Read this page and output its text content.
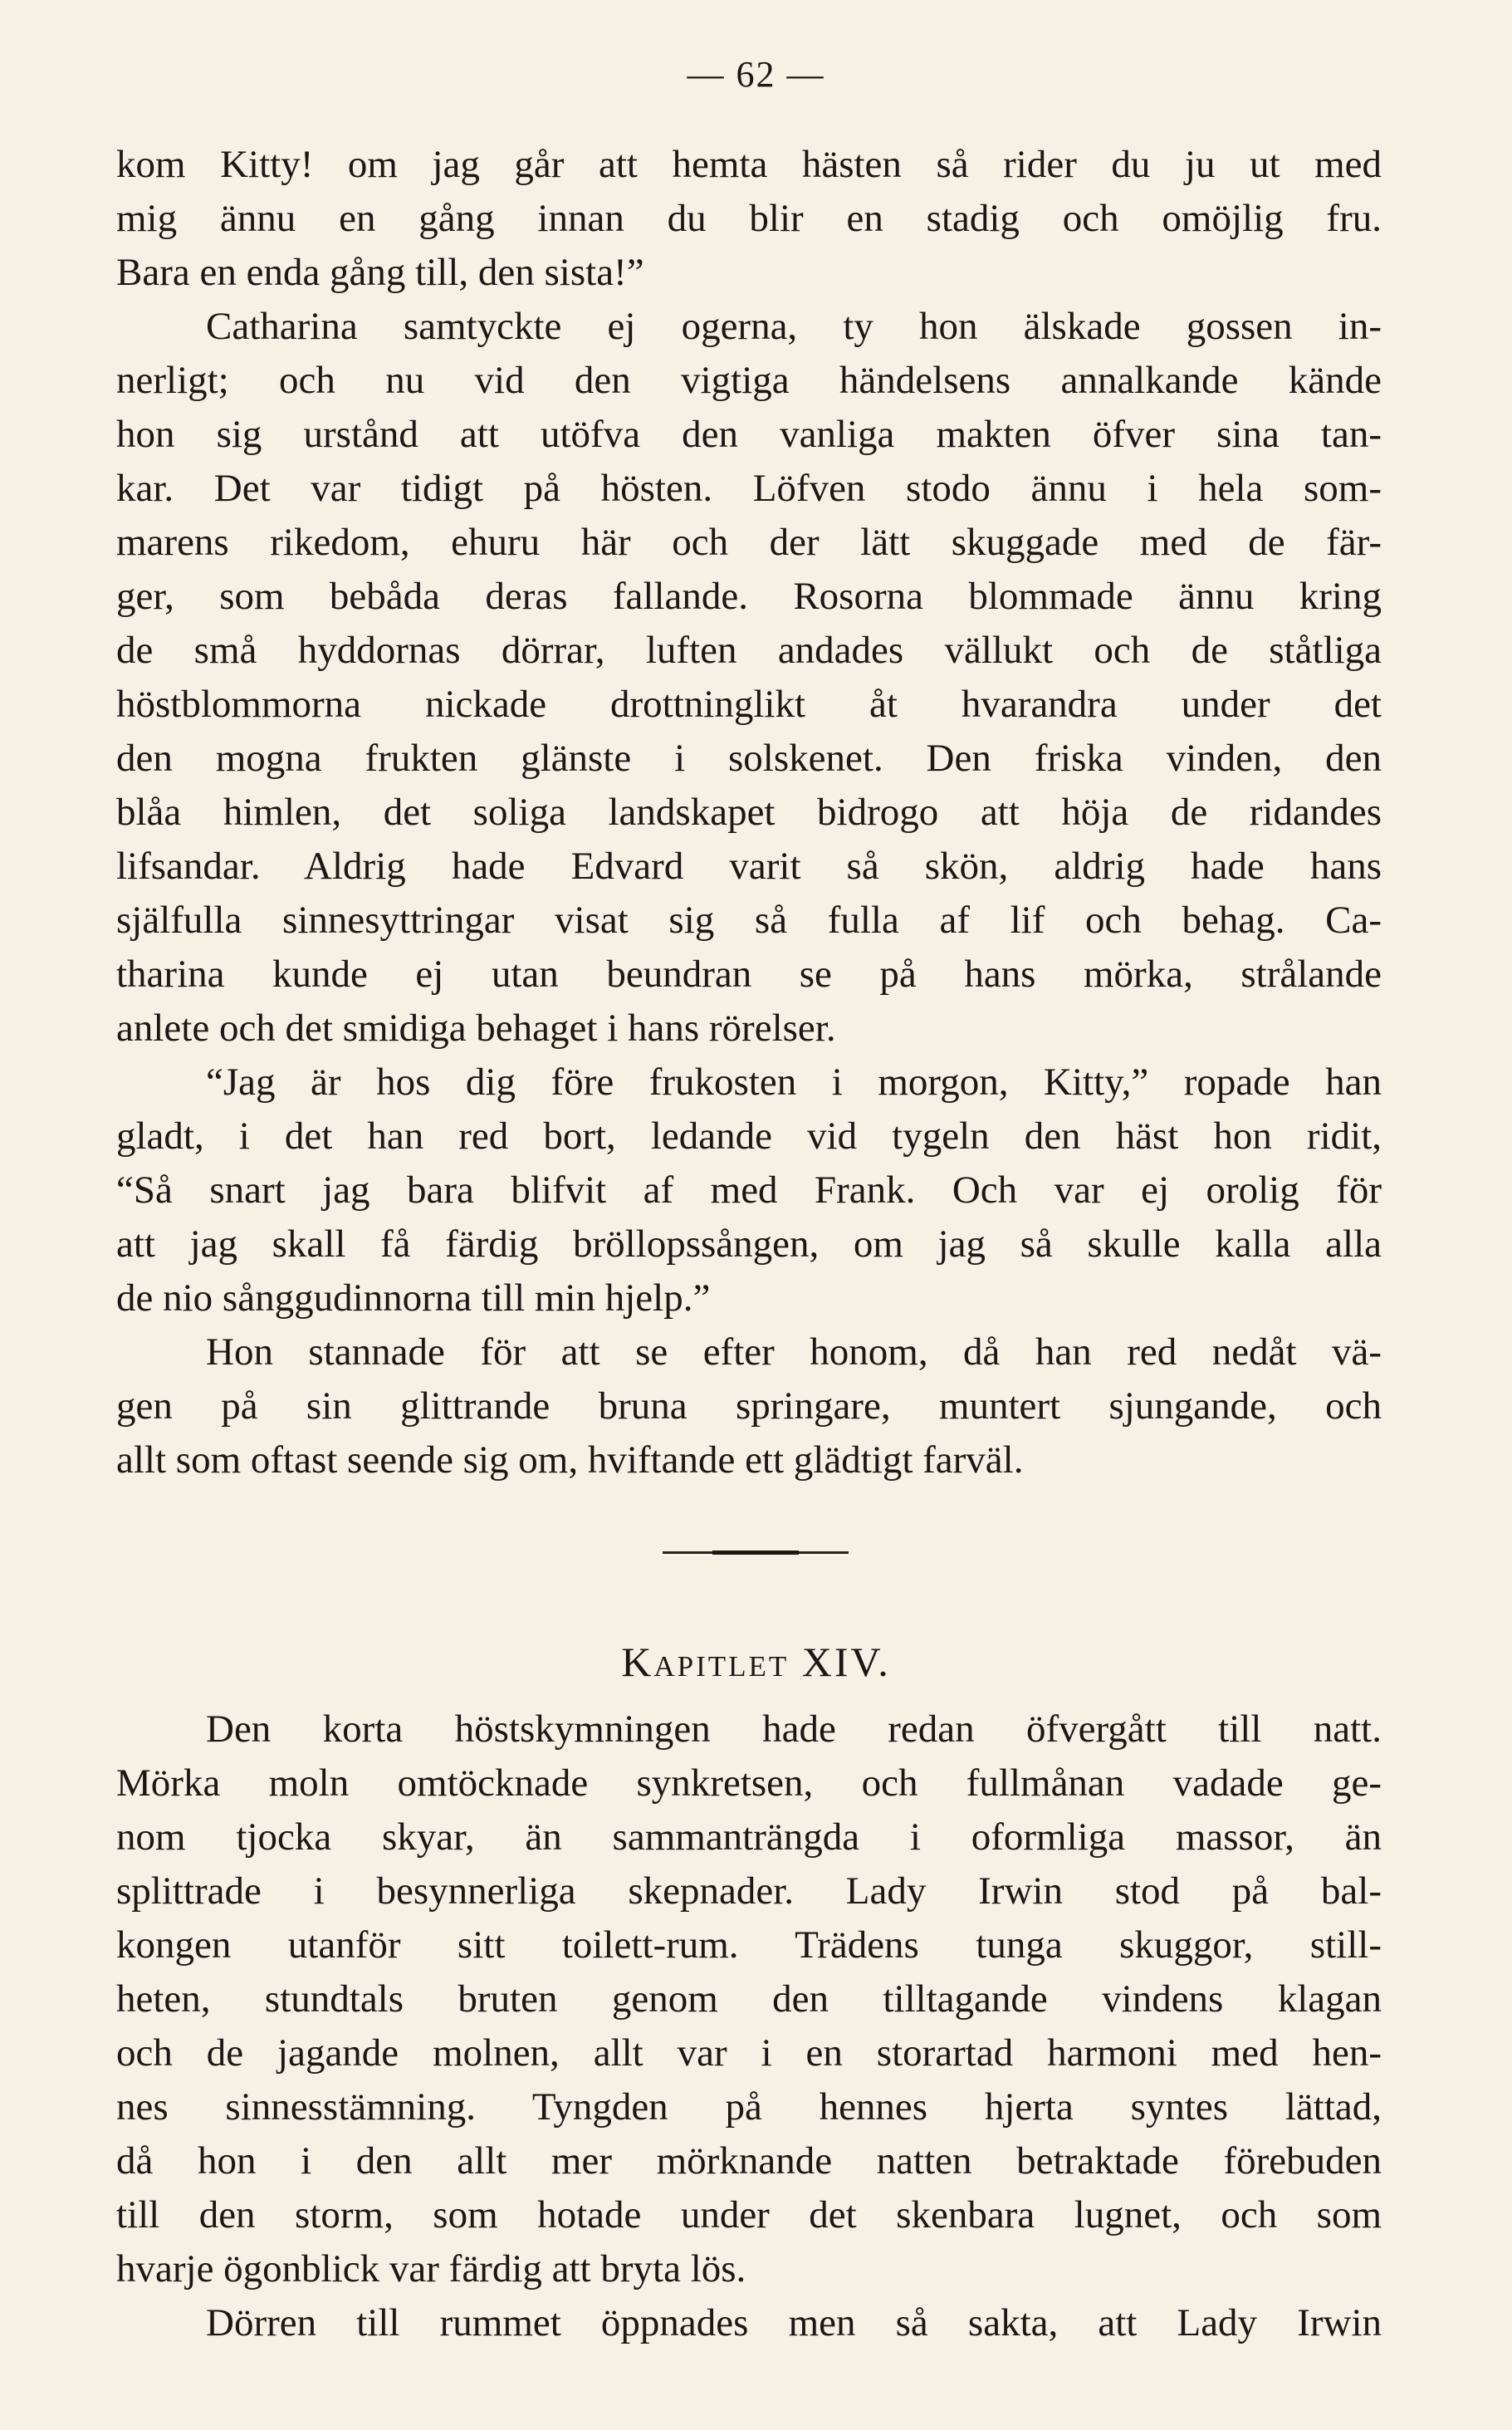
— 62 —
kom Kitty! om jag går att hemta hästen så rider du ju ut med
mig ännu en gång innan du blir en stadig och omöjlig fru.
Bara en enda gång till, den sista!”
Catharina samtyckte ej ogerna, ty hon älskade gossen in-
nerligt; och nu vid den vigtiga händelsens annalkande kände
hon sig urstånd att utöfva den vanliga makten öfver sina tan-
kar. Det var tidigt på hösten. Löfven stodo ännu i hela som-
marens rikedom, ehuru här och der lätt skuggade med de fär-
ger, som bebåda deras fallande. Rosorna blommade ännu kring
de små hyddornas dörrar, luften andades vällukt och de ståtliga
höstblommorna nickade drottninglikt åt hvarandra under det
den mogna frukten glänste i solskenet. Den friska vinden, den
blåa himlen, det soliga landskapet bidrogo att höja de ridandes
lifsandar. Aldrig hade Edvard varit så skön, aldrig hade hans
själfulla sinnesyttringar visat sig så fulla af lif och behag. Ca-
tharina kunde ej utan beundran se på hans mörka, strålande
anlete och det smidiga behaget i hans rörelser.
“Jag är hos dig före frukosten i morgon, Kitty,” ropade han
gladt, i det han red bort, ledande vid tygeln den häst hon ridit,
“Så snart jag bara blifvit af med Frank. Och var ej orolig för
att jag skall få färdig bröllopssången, om jag så skulle kalla alla
de nio sånggudinnorna till min hjelp.”
Hon stannade för att se efter honom, då han red nedåt vä-
gen på sin glittrande bruna springare, muntert sjungande, och
allt som oftast seende sig om, hviftande ett glädtigt farväl.
Kapitlet XIV.
Den korta höstskymningen hade redan öfvergått till natt.
Mörka moln omtöcknade synkretsen, och fullmånan vadade ge-
nom tjocka skyar, än sammanträngda i oformliga massor, än
splittrade i besynnerliga skepnader. Lady Irwin stod på bal-
kongen utanför sitt toilett-rum. Trädens tunga skuggor, still-
heten, stundtals bruten genom den tilltagande vindens klagan
och de jagande molnen, allt var i en storartad harmoni med hen-
nes sinnesstämning. Tyngden på hennes hjerta syntes lättad,
då hon i den allt mer mörknande natten betraktade förebuden
till den storm, som hotade under det skenbara lugnet, och som
hvarje ögonblick var färdig att bryta lös.
Dörren till rummet öppnades men så sakta, att Lady Irwin
